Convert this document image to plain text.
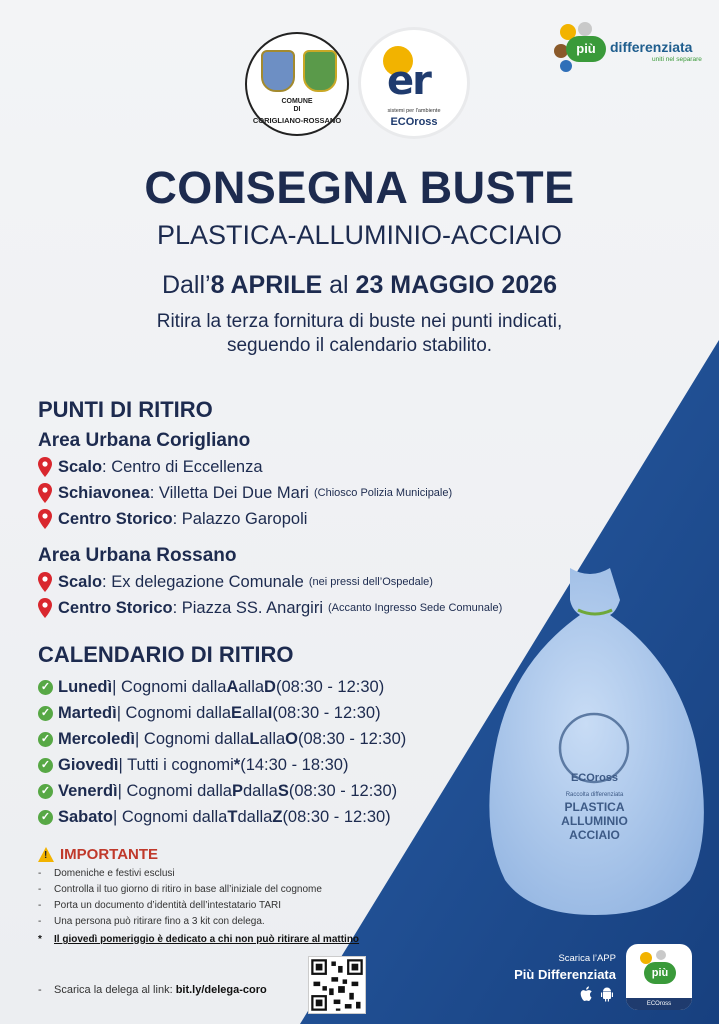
COMUNE
DI
CORIGLIANO-ROSSANO
er
sistemi per l'ambiente
ECOross
più	differenziata
uniti nel separare
CONSEGNA BUSTE
PLASTICA-ALLUMINIO-ACCIAIO
Dall’8 APRILE al 23 MAGGIO 2026
Ritira la terza fornitura di buste nei punti indicati,
seguendo il calendario stabilito.
PUNTI DI RITIRO
Area Urbana Corigliano
Scalo : Centro di Eccellenza
Schiavonea : Villetta Dei Due Mari (Chiosco Polizia Municipale)
Centro Storico : Palazzo Garopoli
Area Urbana Rossano
Scalo : Ex delegazione Comunale (nei pressi dell’Ospedale)
Centro Storico : Piazza SS. Anargiri (Accanto Ingresso Sede Comunale)
CALENDARIO DI RITIRO
✓ Lunedì | Cognomi dalla A alla D (08:30 - 12:30)
✓ Martedì | Cognomi dalla E alla I (08:30 - 12:30)
✓ Mercoledì | Cognomi dalla L alla O (08:30 - 12:30)
✓ Giovedì | Tutti i cognomi * (14:30 - 18:30)
✓ Venerdì | Cognomi dalla P dalla S (08:30 - 12:30)
✓ Sabato | Cognomi dalla T dalla Z (08:30 - 12:30)
! IMPORTANTE
- Domeniche e festivi esclusi
- Controlla il tuo giorno di ritiro in base all’iniziale del cognome
- Porta un documento d’identità dell’intestatario TARI
- Una persona può ritirare fino a 3 kit con delega.
* Il giovedì pomeriggio è dedicato a chi non può ritirare al mattino
- Scarica la delega al link: bit.ly/delega-coro
ECOross
Raccolta differenziata
PLASTICA
ALLUMINIO
ACCIAIO
Scarica l’APP
Più Differenziata	più
ECOross
